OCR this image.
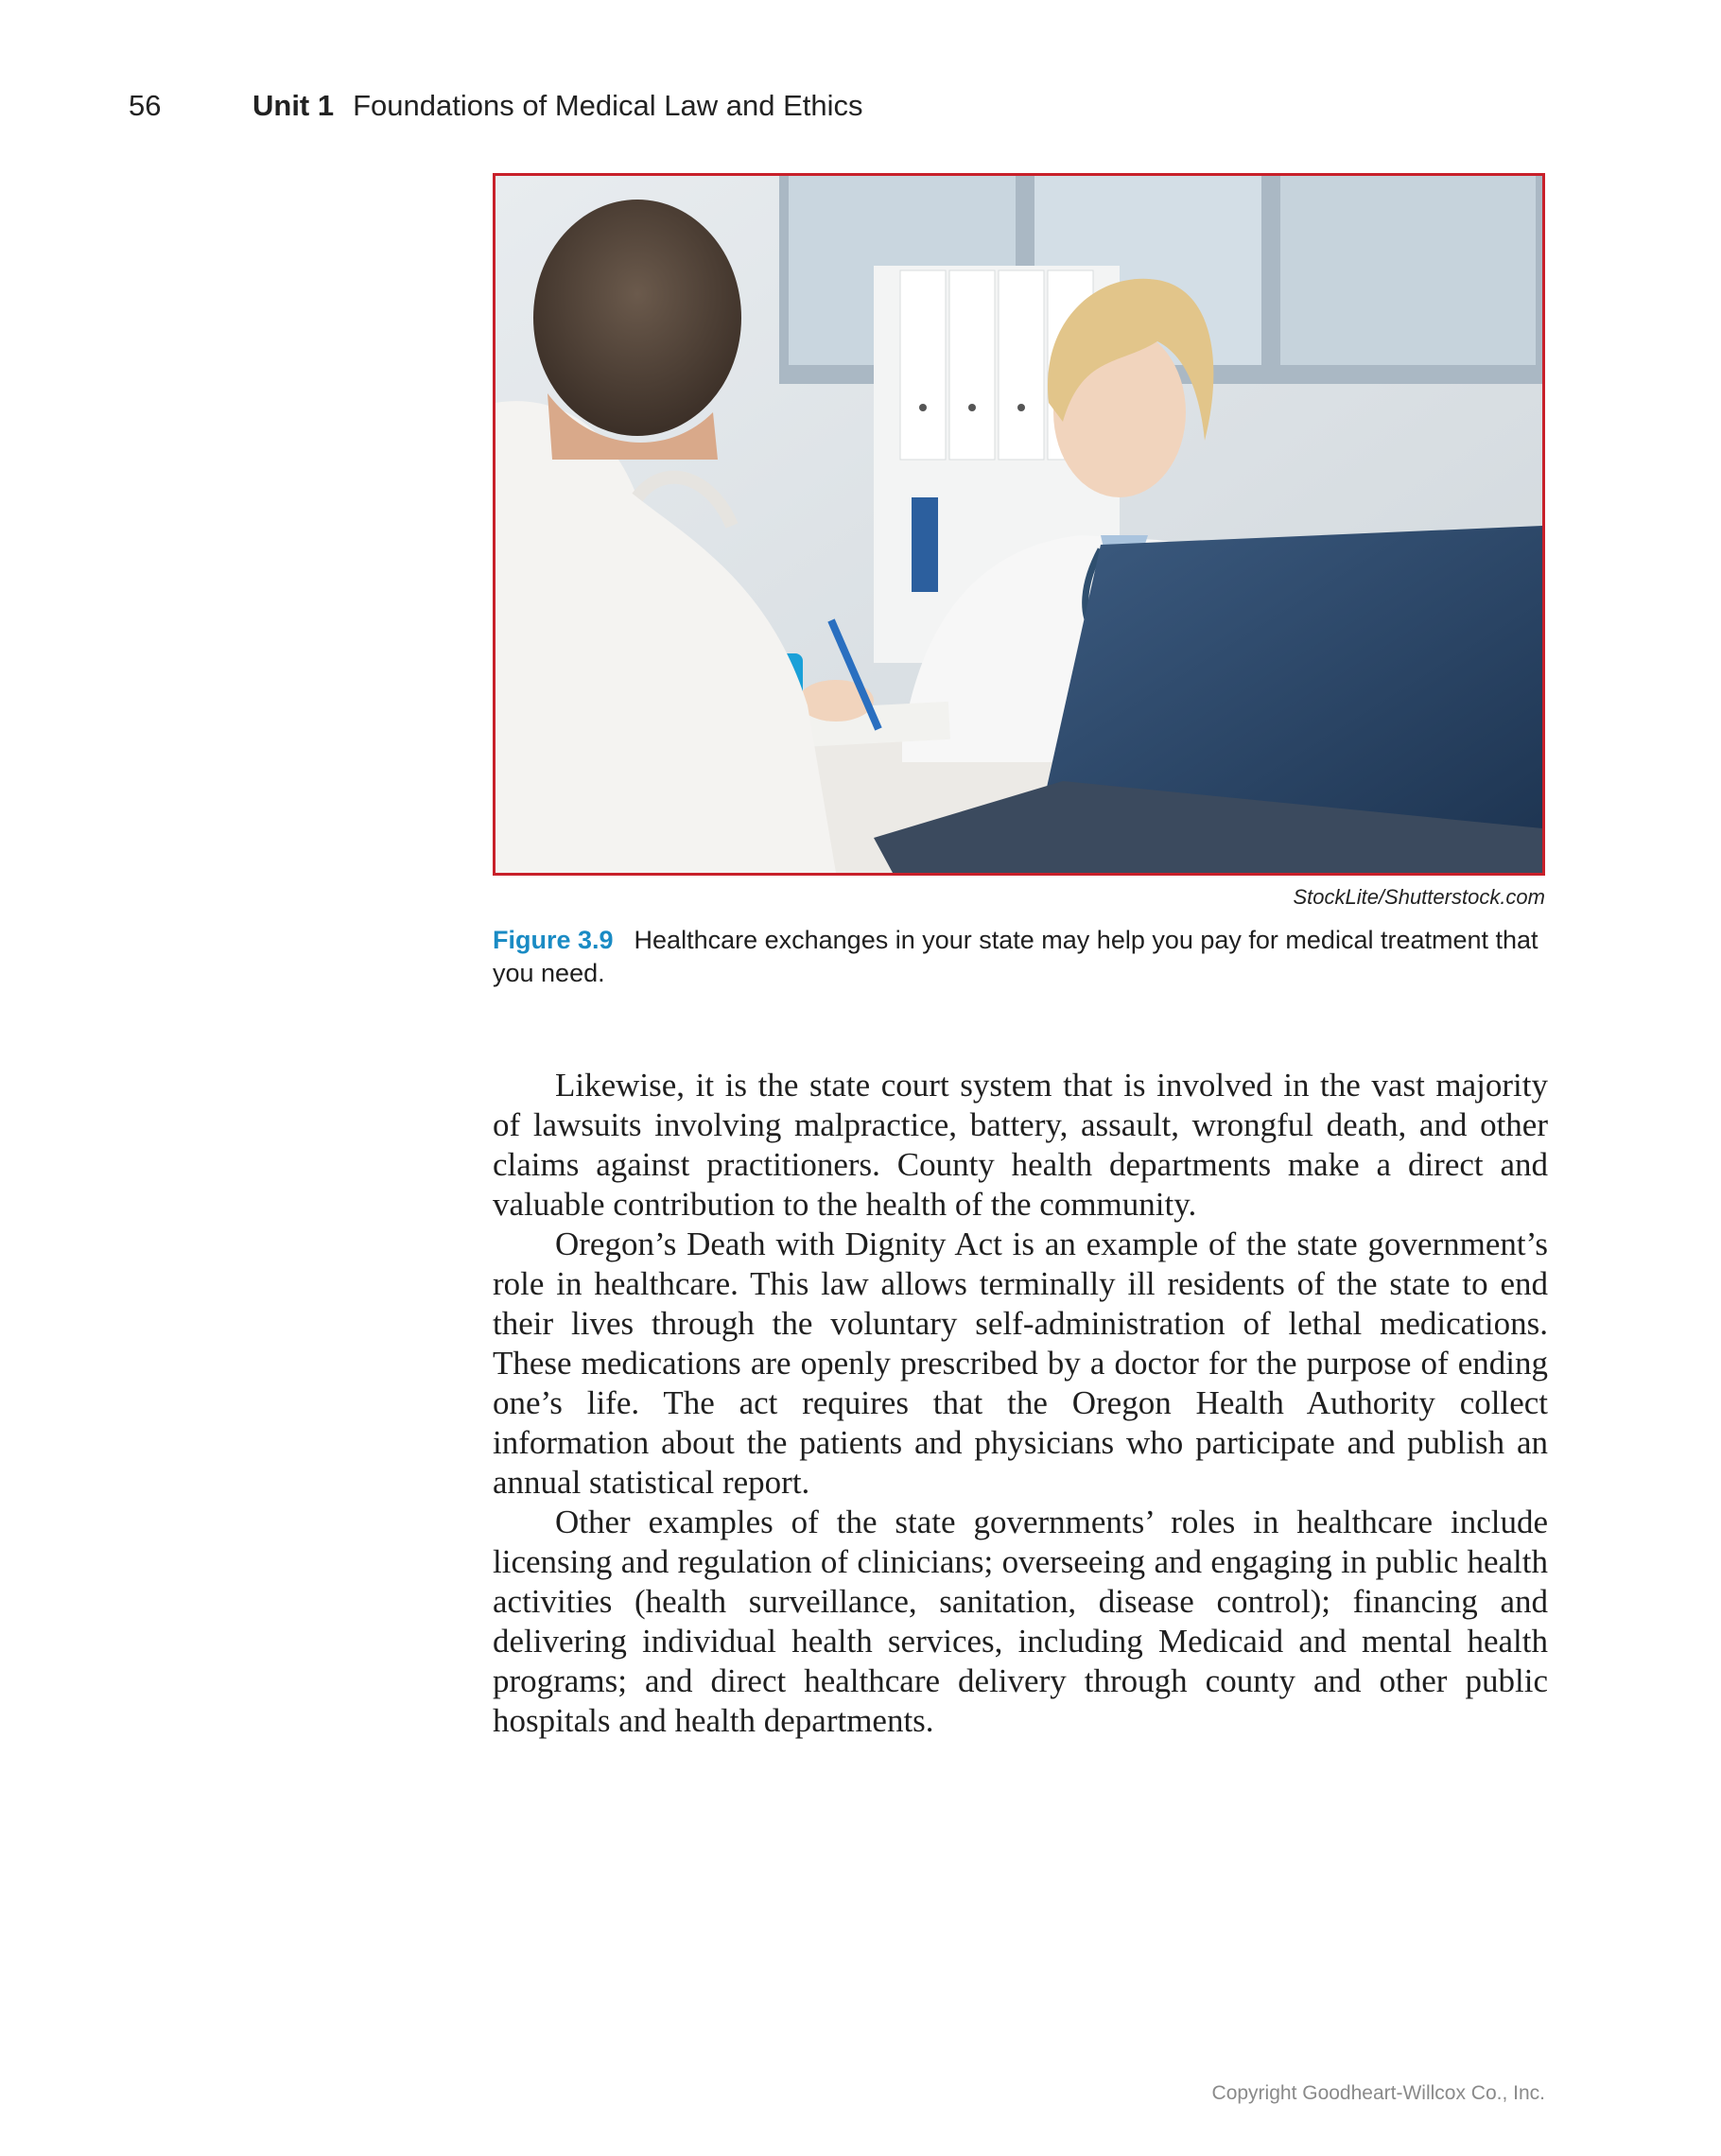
56	Unit 1 Foundations of Medical Law and Ethics
StockLite/Shutterstock.com
Figure 3.9 Healthcare exchanges in your state may help you pay for medical treatment that you need.

Likewise, it is the state court system that is involved in the vast majority of lawsuits involving malpractice, battery, assault, wrongful death, and other claims against practitioners. County health departments make a direct and valuable contribution to the health of the community.

Oregon’s Death with Dignity Act is an example of the state government’s role in healthcare. This law allows terminally ill residents of the state to end their lives through the voluntary self-administration of lethal medications. These medications are openly prescribed by a doctor for the purpose of ending one’s life. The act requires that the Oregon Health Authority collect information about the patients and physicians who participate and publish an annual statistical report.

Other examples of the state governments’ roles in healthcare include licensing and regulation of clinicians; overseeing and engaging in public health activities (health surveillance, sanitation, disease control); financing and delivering individual health services, including Medicaid and mental health programs; and direct healthcare delivery through county and other public hospitals and health departments.

Copyright Goodheart-Willcox Co., Inc.
